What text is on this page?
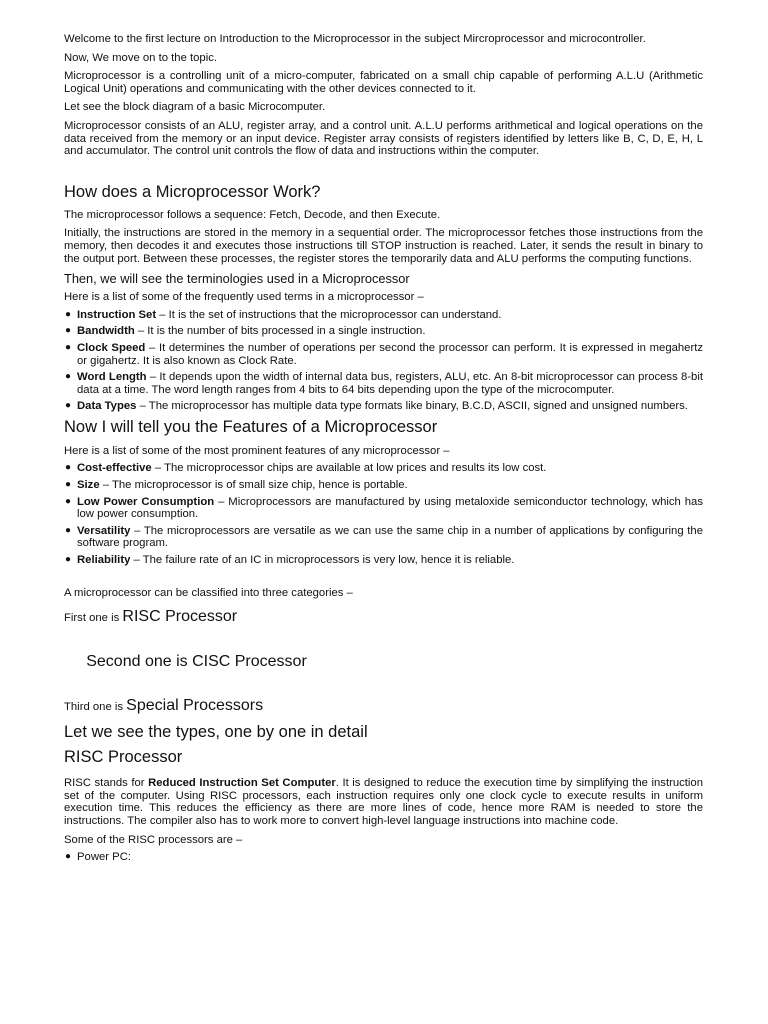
Welcome to the first lecture on Introduction to the Microprocessor in the subject Mircroprocessor and microcontroller.

Now, We move on to the topic.

Microprocessor is a controlling unit of a micro-computer, fabricated on a small chip capable of performing A.L.U (Arithmetic Logical Unit) operations and communicating with the other devices connected to it.

Let see the block diagram of a basic Microcomputer.

Microprocessor consists of an ALU, register array, and a control unit. A.L.U performs arithmetical and logical operations on the data received from the memory or an input device. Register array consists of registers identified by letters like B, C, D, E, H, L and accumulator. The control unit controls the flow of data and instructions within the computer.

How does a Microprocessor Work?

The microprocessor follows a sequence: Fetch, Decode, and then Execute.

Initially, the instructions are stored in the memory in a sequential order. The microprocessor fetches those instructions from the memory, then decodes it and executes those instructions till STOP instruction is reached. Later, it sends the result in binary to the output port. Between these processes, the register stores the temporarily data and ALU performs the computing functions.

Then, we will see the terminologies used in a Microprocessor

Here is a list of some of the frequently used terms in a microprocessor –

● Instruction Set – It is the set of instructions that the microprocessor can understand.
● Bandwidth – It is the number of bits processed in a single instruction.
● Clock Speed – It determines the number of operations per second the processor can perform. It is expressed in megahertz or gigahertz. It is also known as Clock Rate.
● Word Length – It depends upon the width of internal data bus, registers, ALU, etc. An 8-bit microprocessor can process 8-bit data at a time. The word length ranges from 4 bits to 64 bits depending upon the type of the microcomputer.
● Data Types – The microprocessor has multiple data type formats like binary, B.C.D, ASCII, signed and unsigned numbers.
Now I will tell you the Features of a Microprocessor

Here is a list of some of the most prominent features of any microprocessor –

● Cost-effective – The microprocessor chips are available at low prices and results its low cost.
● Size – The microprocessor is of small size chip, hence is portable.
● Low Power Consumption – Microprocessors are manufactured by using metaloxide semiconductor technology, which has low power consumption.
● Versatility – The microprocessors are versatile as we can use the same chip in a number of applications by configuring the software program.
● Reliability – The failure rate of an IC in microprocessors is very low, hence it is reliable.

A microprocessor can be classified into three categories –

First one is RISC Processor

Second one is CISC Processor

Third one is Special Processors
Let we see the types, one by one in detail
RISC Processor

RISC stands for Reduced Instruction Set Computer. It is designed to reduce the execution time by simplifying the instruction set of the computer. Using RISC processors, each instruction requires only one clock cycle to execute results in uniform execution time. This reduces the efficiency as there are more lines of code, hence more RAM is needed to store the instructions. The compiler also has to work more to convert high-level language instructions into machine code.

Some of the RISC processors are –

● Power PC:
